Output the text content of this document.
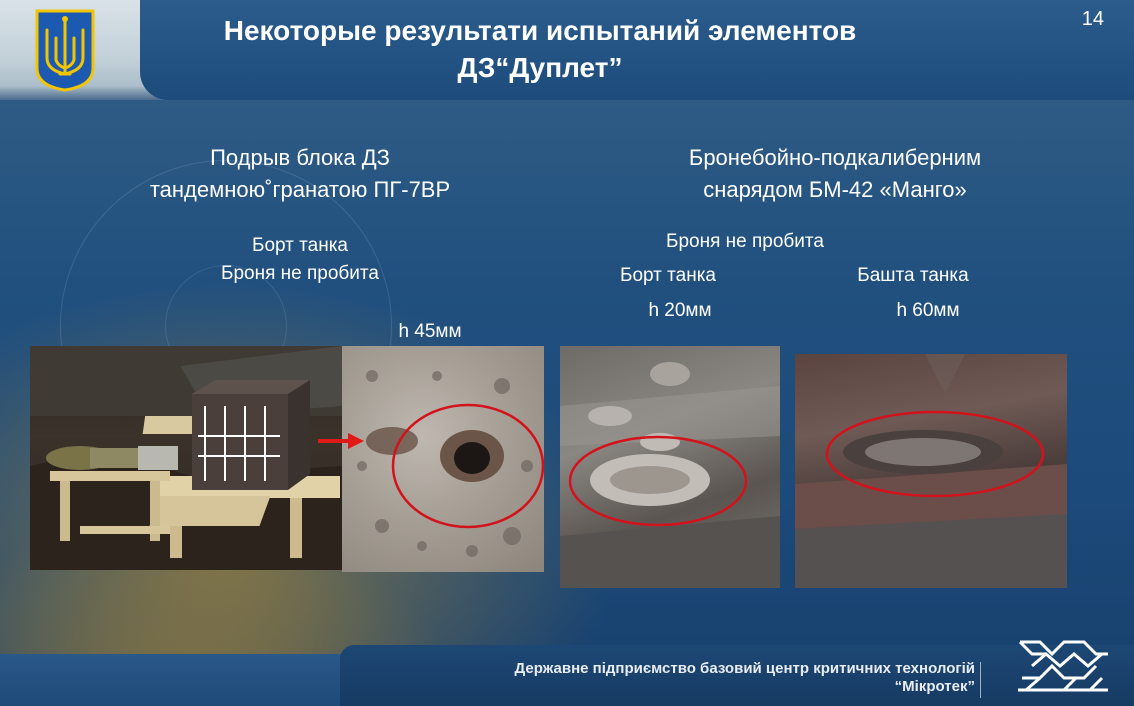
Некоторые результати испытаний элементов
ДЗ“Дуплет”
14
Подрыв блока ДЗ
тандемною˚гранатою ПГ-7ВР
Борт танка
Броня не пробита
h 45мм
Бронебойно-подкалиберним
снарядом БМ-42 «Манго»
Броня не пробита
Борт танка
h 20мм
Башта танка
h 60мм
Державне підприємство базовий центр критичних технологій
“Мікротек”
